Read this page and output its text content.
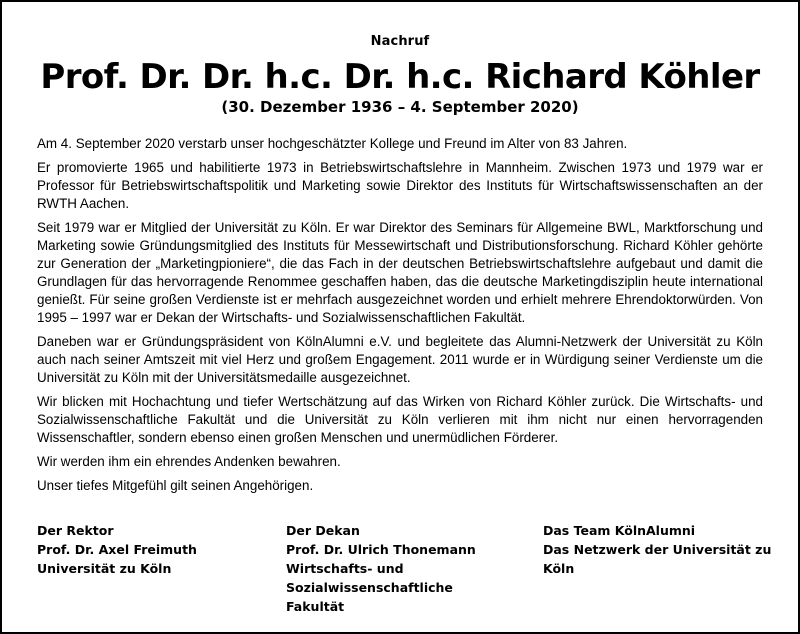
Nachruf
Prof. Dr. Dr. h.c. Dr. h.c. Richard Köhler
(30. Dezember 1936 – 4. September 2020)

Am 4. September 2020 verstarb unser hochgeschätzter Kollege und Freund im Alter von 83 Jahren.

Er promovierte 1965 und habilitierte 1973 in Betriebswirtschaftslehre in Mannheim. Zwischen 1973 und 1979 war er Professor für Betriebswirtschaftspolitik und Marketing sowie Direktor des Instituts für Wirtschaftswissenschaften an der RWTH Aachen.

Seit 1979 war er Mitglied der Universität zu Köln. Er war Direktor des Seminars für Allgemeine BWL, Marktforschung und Marketing sowie Gründungsmitglied des Instituts für Messewirtschaft und Distributionsforschung. Richard Köhler gehörte zur Generation der „Marketingpioniere“, die das Fach in der deutschen Betriebswirtschaftslehre aufgebaut und damit die Grundlagen für das hervorragende Renommee geschaffen haben, das die deutsche Marketingdisziplin heute international genießt. Für seine großen Verdienste ist er mehrfach ausgezeichnet worden und erhielt mehrere Ehrendoktorwürden. Von 1995 – 1997 war er Dekan der Wirtschafts- und Sozialwissenschaftlichen Fakultät.

Daneben war er Gründungspräsident von KölnAlumni e.V. und begleitete das Alumni-Netzwerk der Universität zu Köln auch nach seiner Amtszeit mit viel Herz und großem Engagement. 2011 wurde er in Würdigung seiner Verdienste um die Universität zu Köln mit der Universitätsmedaille ausgezeichnet.

Wir blicken mit Hochachtung und tiefer Wertschätzung auf das Wirken von Richard Köhler zurück. Die Wirtschafts- und Sozialwissenschaftliche Fakultät und die Universität zu Köln verlieren mit ihm nicht nur einen hervorragenden Wissenschaftler, sondern ebenso einen großen Menschen und unermüdlichen Förderer.

Wir werden ihm ein ehrendes Andenken bewahren.

Unser tiefes Mitgefühl gilt seinen Angehörigen.

Der Rektor
Prof. Dr. Axel Freimuth
Universität zu Köln
Der Dekan
Prof. Dr. Ulrich Thonemann
Wirtschafts- und
Sozialwissenschaftliche
Fakultät
Das Team KölnAlumni
Das Netzwerk der Universität zu
Köln
